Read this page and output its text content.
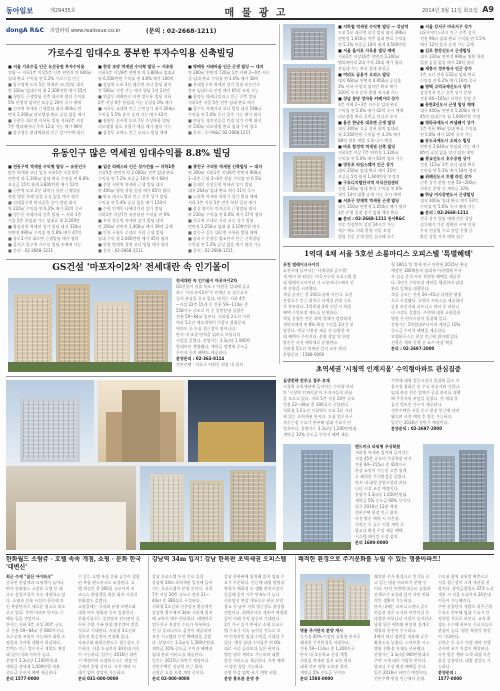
동아일보	제29435호	매 물 광 고	2014년 3월 11일 화요일 A9
dongA R&C 리얼파워 www.realissue.co.kr	(문의 : 02-2668-1211)
가로수길 임대수요 풍부한 투자수익용 신축빌딩

■ 서울 가로수길 인근 도산공원 투자수익용

빌딩 — 지하1층 지상5층 신축 연면적 약 600㎡

임대 완료 수익률 연 5.2% 가로수길 인근

■ 압구정역 도보 5분 역세권 코너빌딩 대지

약 330㎡ 임대수익 월 2,300만원 매가 55억

■ 청담동 근생빌딩 신축 대로변 위치 수익률

5% 안정적 임차인 보증금 20억 즉시 매매

■ 신사역 역세권 근생빌딩 대지 400㎡ 연

면적 1,200㎡ 리모델링 완료 공실 없음 매가

■ 논현동 대로변 사옥용 빌딩 지하2층 지상

7층 엘리베이터 주차 12대 가능 매가 98억

■ 압구정동 현대백화점 인근 상가주택 대지

■ 한강 조망 역세권 수익형 빌딩 — 서초동

지하1층 지상8층 연면적 약 1,800㎡ 임대료

월 6,500만원 수익률 연 4.8% 매가 160억

■ 강남역 도보 3분 대로변 코너 빌딩 대지

약 500㎡ 신축 가능 매가 평당 1억 2천만

■ 역삼동 테헤란로 이면 업무용 빌딩 지하

2층 지상 6층 통임대 가능 공실률 0% 매가

■ 서초동 교대역 인근 근린상가 대지 264㎡

수익률 5.5% 융자 승계 가능 매가 42억

■ 잠원동 신사역 도보 7분 주상복합 빌딩

리모델링 필요 저평가 매물 매가 협의 가능

■ 삼성동 코엑스 인근 오피스 빌딩 매매

■ 방배동 서래마을 인근 근생 빌딩 — 대지

약 280㎡ 연면적 720㎡ 1층 카페 2~4층 사무

실 임대 완료 수익률 연 4.6% 매가 38억

■ 홍대입구역 역세권 상가 빌딩 유동인구

풍부 임대수요 안정 매가 65억 조정 가능

■ 합정동 메세나폴리스 인근 신축 빌딩

지하1층 지상 5층 전층 임대 완료 매가

■ 상수동 카페거리 코너 빌딩 대지 198㎡

수익률 연 5.0% 즉시 입주 가능 매가 협의

■ 연남동 경의선숲길 인접 상가 주택 대지

약 230㎡ 리모델링 완료 임대 수익 양호

■ 문의 : 동아R&C 02-2668-1211

유동인구 많은 역세권 임대수익률 8.8% 빌딩

■ 연동구역 역세권 수익형 빌딩 — 유동인구

많은 역세권 코너 입지 지하1층 지상 6층

연면적 약 1,100㎡ 임대 완료 수익률 연 8.8%

보증금 15억 월세 3,800만원 매가 52억

■ 신촌역 도보 2분 대학가 상권 근생빌딩

학원 병원 카페 입점 공실 없음 매가 협의

■ 건대입구역 먹자골목 상가 빌딩 대지

약 220㎡ 수익률 연 6.2% 매가 33억 즉시

■ 성수동 카페거리 신축 빌딩 — 지하 1층

지상 5층 통임대 가능 임대료 월 2,200만

■ 왕십리역 역세권 상가 빌딩 대지 330㎡

연면적 990㎡ 수익률 연 5.8% 매가 47억

■ 종로3가역 대로변 근생빌딩 매가 협의

■ 을지로 입구역 사무실 빌딩 통매매 가능

■ 문의 : 02-2668-1211

■ 일산 라페스타 인근 상가건물 — 지하1층

지상5층 연면적 약 2,000㎡ 전층 임대 완료

수익률 연 7.2% 보증금 10억 매가 68억

■ 분당 서현역 역세권 근생 빌딩 대지

약 400㎡ 병원 학원 입점 매가 85억 협의

■ 판교 테크노밸리 인근 신축 상가 빌딩

수익률 연 5.4% 공실 없음 매가 120억

■ 수원 인계동 나혜석거리 상가 빌딩

지하1층 지상7층 유흥상권 수익률 연 9%

■ 부천 상동역 역세권 상가 빌딩 대지

약 350㎡ 연면적 1,400㎡ 매가 39억 급매

■ 인천 구월동 로데오 거리 근생 빌딩

임대 수익 월 2,600만원 매가 45억 협의

■ 안양 범계역 상권 코너 빌딩 매가 협의

■ 문의 : 02-2668-1211

■ 광진구 구의동 역세권 신축빌딩 — 대지

약 300㎡ 지하1층 지상6층 연면적 900㎡

1~2층 근생 3~6층 원룸 수익률 연 6.5%

■ 동대문 신설동역 역세권 상가 빌딩

대지 264㎡ 임대 완료 매가 31억 즉시

■ 노원역 역세권 학원가 상가 빌딩 매매

지하 1층 지상 5층 전층 학원 입점 매가

■ 잠실 방이동 먹자골목 근생빌딩 대지

약 230㎡ 수익률 연 6.0% 매가 37억 협의

■ 천호역 로데오 거리 코너 상가 빌딩

연면적 1,250㎡ 임대 월 3,100만원 매가

■ 강동구 길동 대로변 사옥용 빌딩 매매

■ 송파구 문정동 법조단지 인근 신축빌딩

수익률 연 5.2% 공실 없음 매가 협의 가능

■ 문의 : 02-2668-1211

GS건설 '마포자이2차' 전세대란 속 인기몰이

전세대란 속 인기몰이 마포자이2차

GS건설이 서울 마포구 아현동 일대에 공급

하는 '마포자이2차'가 전세난 속 실수요자

들의 관심을 끌고 있다. 단지는 지하 4층

~지상 22층 15개 동 전용 59~114㎡ 총

558가구 규모로 이 중 일반분양 물량은

전용 59~84㎡ 일부다. 지하철 2호선 아현

역과 5호선 애오개역이 가깝고 광화문과

여의도 등 도심 접근성이 뛰어나다.

단지 내 조경 면적을 넓히고 커뮤니티

시설을 갖췄다. 분양가는 3.3㎡당 1,900만

원대부터 책정됐다. 계약금 정액제 중도금

무이자 등의 혜택도 제공한다.

분양문의 : 02-363-8114

견본주택 : 마포구 아현동 현장 내 위치

■ 지하철 역세권 수익형 빌딩 — 강남역

도보 5분 대로변 코너 빌딩 대지 396㎡

연면적 1,650㎡ 전층 임대 완료 수익률

연 5.1% 보증금 18억 월세 4,500만원

■ 서울 을지로 사옥용 빌딩 매매

지하2층 지상10층 연면적 3,300㎡

엘리베이터 2대 주차 20대 매가 협의

통임대 가능 관리 상태 최상급

■ 여의도 금융가 오피스 빌딩

대지 660㎡ 연면적 4,950㎡ 공실률

3% 이하 안정적 임차인 확보 매가

320억 투자 문의 환영 직거래 가능

■ 성남 분당 정자동 카페거리 상가

1층 카페 2~3층 사무실 임대 완료

수익률 연 5.6% 매가 42억 즉시 매매

리모델링 완료 신축급 컨디션 유지

■ 용산 한남동 대로변 근생 빌딩

대지 300㎡ 고급 상권 위치 임대료

월 3,200만원 수익률 연 4.3% 매가

88억 향후 개발 호재 다수 예정

■ 마포 합정역 역세권 신축 빌딩

지하1층 지상 7층 연면적 1,320㎡

수익률 연 5.0% 매가 63억 협의 가능

■ 영등포 타임스퀘어 인근 상가

대지 250㎡ 임대 완료 매가 35억

보증금 5억 월세 1,600만원 안정적

■ 구로디지털단지역 지식산업센터

전용 330㎡ 임대 완료 수익률 연 6%

매가 14억 대출 승계 가능 즉시 매매

■ 서초구 양재역 역세권 근생 빌딩

대지 350㎡ 연면적 1,050㎡ 매가 협의

1층 은행 입점 장기 임대 계약 완료

■ 문의 : 02-2668-1211 동아R&C

전문 컨설턴트 상담 24시간 가능

매수 매도 의뢰 환영 비밀 보장

빌딩 전문 중개 법인 실거래 다수

■ 서울 강서구 마곡지구 상가

LG사이언스파크 인근 신축 상가

전용 99㎡ 임대 완료 수익률 연 5.5%

매가 12억 융자 승계 가능 급매

■ 김포 한강신도시 근생빌딩

대지 330㎡ 연면적 990㎡ 병원 학원

입점 공실 없음 매가 28억 협의

■ 세종시 정부청사 인근 상가

1층 코너 전용 132㎡ 임대 완료

수익률 연 6.2% 매가 16억 즉시

■ 평택 고덕국제신도시 상가

삼성전자 인근 신축 상가 분양

전용 66~165㎡ 선착순 분양 중

■ 동탄2신도시 근생 빌딩 매매

대지 400㎡ 연면적 1,200㎡ 매가

45억 임대수익 월 1,900만원 안정

■ 청라국제도시 커낼웨이 상가

1층 전용 99㎡ 임대 완료 수익률

연 5.8% 매가 10억 융자 가능

■ 송도국제도시 오피스 빌딩

연면적 2,640㎡ 통임대 가능 매가

85억 공실 없음 장기 임차 계약

■ 광교신도시 호수공원 상가

전용 115㎡ 1층 코너 임대 완료

수익률 연 5.3% 매가 18억 협의

■ 위례신도시 트램 라인 상가

신축 상가 분양 전용 50~200㎡

선착순 분양 중 계약금 10%

■ 하남 미사강변도시 근생빌딩

대지 300㎡ 임대 완료 매가 33억

수익률 연 5.6% 즉시 매매 가능

■ 문의 : 02-2668-1211

전국 상가 빌딩 매매 전문 상담

실거래가 기준 정확한 시세 안내

투자 컨설팅 무료 상담 진행 중

방문 상담 사전 예약 필수

1억대 4채 서울 5호선 소룡마디스 오피스텔 '특별혜택'

포천 엠레이크사이더

포천시에 들어서는 '사계절형 골프텔'

캐 에서 워 된다는 마곡지구의 오피스텔 빌

딩 엠레이크사이더 가 소룡마디스에서 선

착 분양을 시작했다.

객실 숫자는 총 200호실에 이른다. 포천

산정호수 인근 위치로 사계절 관광 수요

가 풍부하다. 1억원대 4채 구입 시 특별

혜택 수익보장 제도를 운영한다.

객실 운영은 전문 위탁 업체가 담당하며

계약자에게 연 8% 확정 수익을 2년간 보

장한다. 객실 이용권 제공 등 다양한 부

대 혜택이 주어진다. 분양 상담 및 현장

방문은 사전 예약제로 운영된다.

지하철 5호선 역세권 입지 교통 편리.

분양문의 : 1588-0000

청 180호'의 별세 연구 연락된 2015년 완공

예정인 180채용의 임대형 아파텔에 투자

자 실증 분석 자산 특별한 혜택을 제공한

다. 3년간 수익보장 계약을 체결하며 임대

관리 일체를 대행한다.

객실 규모는 전용 20~45㎡ 다양한 평형

으로 구성됐다. 호텔식 서비스를 제공하며

공용 라운지와 피트니스 센터 등 커뮤니

티 시설도 갖췄다. 주변에 대형 쇼핑몰과

병원 등 편의시설이 밀집해 있다.

분양가는 1억원대부터이며 계약금 10%

중도금 무이자 혜택을 제공한다.

모델하우스는 현장 인근에 위치해 있다.

선착순 계약 진행 중 조기 마감 예상.

문의 : 02-2697-2000

초역세권 '시청역 인계지움' 수익형아파트 관심집중

실생전략 전주고 접주 호재

시청역 초역세권에 들어서는 수익형 아파

트 '시청역 인계지움'이 투자자들의 관심

을 모으고 있다. 지하 5층 지상 20층 규모

전용 22~49㎡ 총 300실로 구성된다.

지하철 1·2호선 시청역이 도보 1분 거리

에 있는 초역세권 단지다. 도심 업무지구

직주근접 수요가 풍부해 임대 수요가 안

정적이다. 분양가는 3.3㎡당 1,200만원대.

계약금 10% 중도금 무이자 혜택 제공.

주변에 대형 업무시설이 밀집해 있고 서

울시청 광화문 등 주요 관공서와 가깝다.

임대 관리 전문 업체가 공실 관리를 대행

해 투자자의 부담을 줄였다. 전 세대 풀

옵션 빌트인 가구가 제공된다.

견본주택은 서울 중구 현장 인근에 마련

됐으며 사전 예약 후 방문 가능하다.

입주는 2016년 상반기 예정이다.

분양문의 : 02-2697-2000

랜드마크 타워형 주상복합

지하철 역세권 입지에 들어서는

지상 45층 규모의 주상복합 단지.

전용 84~155㎡ 총 420가구.

한강 조망이 가능한 고층 설계

로 쾌적한 주거환경을 갖췄다.

단지 내 대형 상업시설과 커뮤

니티 시설 조성 예정이다.

분양가 3.3㎡당 1,650만원대.

계약금 5% 중도금 60% 무이자.

입주 2016년 12월 예정.

견본주택 현장 인근 위치.

사전 방문 예약 시 사은품.

선착순 동 호수 지정 계약 중.

발코니 확장 무상 제공 혜택.

시스템 에어컨 무상 설치.

문의 1600-0000

한화월드 소람쥬 · 호텔 속속 개점, 쇼핑 · 문화 한국 '대변신'
강남역 34m 입지! 강남 한복판 초역세권 오피스텔	쾌적한 환경으로 주거문화를 누릴 수 있는 명품아파트!

최근 수에 "일산 아이파크"

중국인 관광객과 쇼핑객이 늘어나

면서 한화월드 소람쥬 호텔 등 대

규모 상업시설이 속속 개점하고 있

다. 쇼핑과 문화 시설이 한곳에 모

인 복합단지로 새로운 명소로 떠오

르고 있다. 주변 아파트 단지도 수

혜를 입을 전망이다.

단지는 지하 3층 지상 30층 규모

로 전용 59~84㎡ 총 800가구다.

호수공원 조망이 가능하며 대형 쇼

핑몰과 가까워 생활이 편리하다.

킨텍스 인근 업무지구 개발도 예정

돼 있어 미래 가치가 높다.

분양가 3.3㎡당 1,100만원대.

계약금 정액제 1,000만원 적용.

중도금 무이자 혜택 제공한다.

문의 1577-0000

수 있는 호텔 특징 문화 공간이 결합

된 복합 랜드마크로 조성된다. 호

텔 객실은 총 300실 규모이며 비

즈니스 관광객을 위한 회의 시설과

연회장도 갖췄다.

쇼핑몰에는 국내외 유명 브랜드와

대형 마트 영화관 등이 입점한다.

문화시설로는 공연장과 전시관이 들

어서 주말 가족 단위 방문객이 많을

것으로 기대된다. 지하철 3호선과

경의선 환승역이 인접해 있다.

자유로와 외곽순환도로 접근성도 우

수하다. 서울 도심까지 30분대 이동

이 가능하다. 입주는 2016년 하반

기 예정이며 모델하우스는 현장 인

근에서 운영 중이다. 사전 예약 시

대기 없이 상담이 가능하다.

문의 031-000-0000

강남 오피스텔 투자 수요 몰림

강남역 34m 초역세권 입지에 들어

서는 오피스텔이 분양 중이다. 지하

7층 지상 20층 규모로 전용 21~

44㎡ 총 380실로 구성된다.

지하철 2호선과 신분당선 환승역인

강남역 출구에서 34m 거리에 위치

해 교통이 매우 편리하다. 테헤란로

업무지구 직장인 수요가 풍부하다.

전 실 풀퍼니시드 옵션이 제공되며

보안 시스템과 무인 택배함을 갖췄

다. 분양가는 3.3㎡당 1,300만원대.

계약금 10% 중도금 무이자 혜택과

임대 관리 서비스를 제공한다.

입주는 2015년 하반기 예정이다.

견본주택은 강남역 인근 위치.

선착순 호실 지정 계약 중이다.

문의 02-000-0000

강남 한복판에 위치해 있어 임대 수

요가 꾸준하다. 인근에 대형 병원과

학원가 백화점 등 생활 편의시설이

밀집해 있어 거주 만족도가 높다.

신분당선 연장 개통으로 판교 분당

광교 등 남부 지역 접근성도 향상될

전망이다. 위례신사선 개통이 예정돼

있어 미래 가치 상승이 기대된다.

1인 가구 증가 추세로 소형 오피스

텔 수요가 지속 늘어날 것으로 보

여 안정적인 임대 수익을 기대할 수

있다. 예상 임대 수익률은 연 6%

대로 시중 금리보다 높은 편이다.

법인 명의 계약도 가능하며 대출

알선 서비스를 제공한다. 사전 예약

시 방문 상담 가능하다.

분양 마감 임박 조기 계약 권장.

분양 홍보관 운영 중

명품 주거단지 분양 개시

녹지율 40% 이상의 공원형 단지로

쾌적한 주거환경을 자랑한다.

전용 59~114㎡ 총 1,200가구.

단지 내 초등학교 신설 예정.

지하철 역세권 입지 교통 편리.

대형 마트 병원 도보권 위치.

계약금 5% 중도금 무이자.

문의 1588-0000

쾌적한 주거 환경으로 인기를 끌

고 있는 명품 아파트가 분양 중

이다. 단지 주변에 대규모 공원과

산책로가 조성돼 있어 자연 친화

적인 생활이 가능하다.

단지 내에는 피트니스센터 골프

연습장 작은 도서관 어린이집 등

다양한 커뮤니티 시설이 들어선다.

남향 위주 배치와 판상형 설계로

채광과 통풍이 우수하다.

4베이 혁신 평면을 적용해 공간

활용도를 높였다. 스마트홈 시스

템과 친환경 자재를 사용했다.

분양가는 3.3㎡당 900만원대로

주변 시세 대비 저렴한 편이다.

발코니 무상 확장 혜택을 준다.

입주 2016년 하반기 예정이다.

견본주택 현장 인근에서 운영.

수도권 광역 교통망 확충으로

서울 접근성이 크게 개선될 전

망이다. 광역급행철도 GTX 노선

개통 시 서울 도심까지 20분대

이동이 가능해진다.

주변 산업단지 개발로 직주근접

수요도 풍부해 임대 수요가 안

정적일 것으로 보인다. 교육 환

경도 우수해 학부모 수요자들의

관심이 높다. 명문 학원가 형성

이 기대된다.

선착순 동 호수 지정 계약 진행

중이며 조기 마감이 예상된다.

사전 방문 예약 고객 대상 사은

품을 증정한다. 대출 상담도 가

능하다.

분양문의 :

1577-0000
